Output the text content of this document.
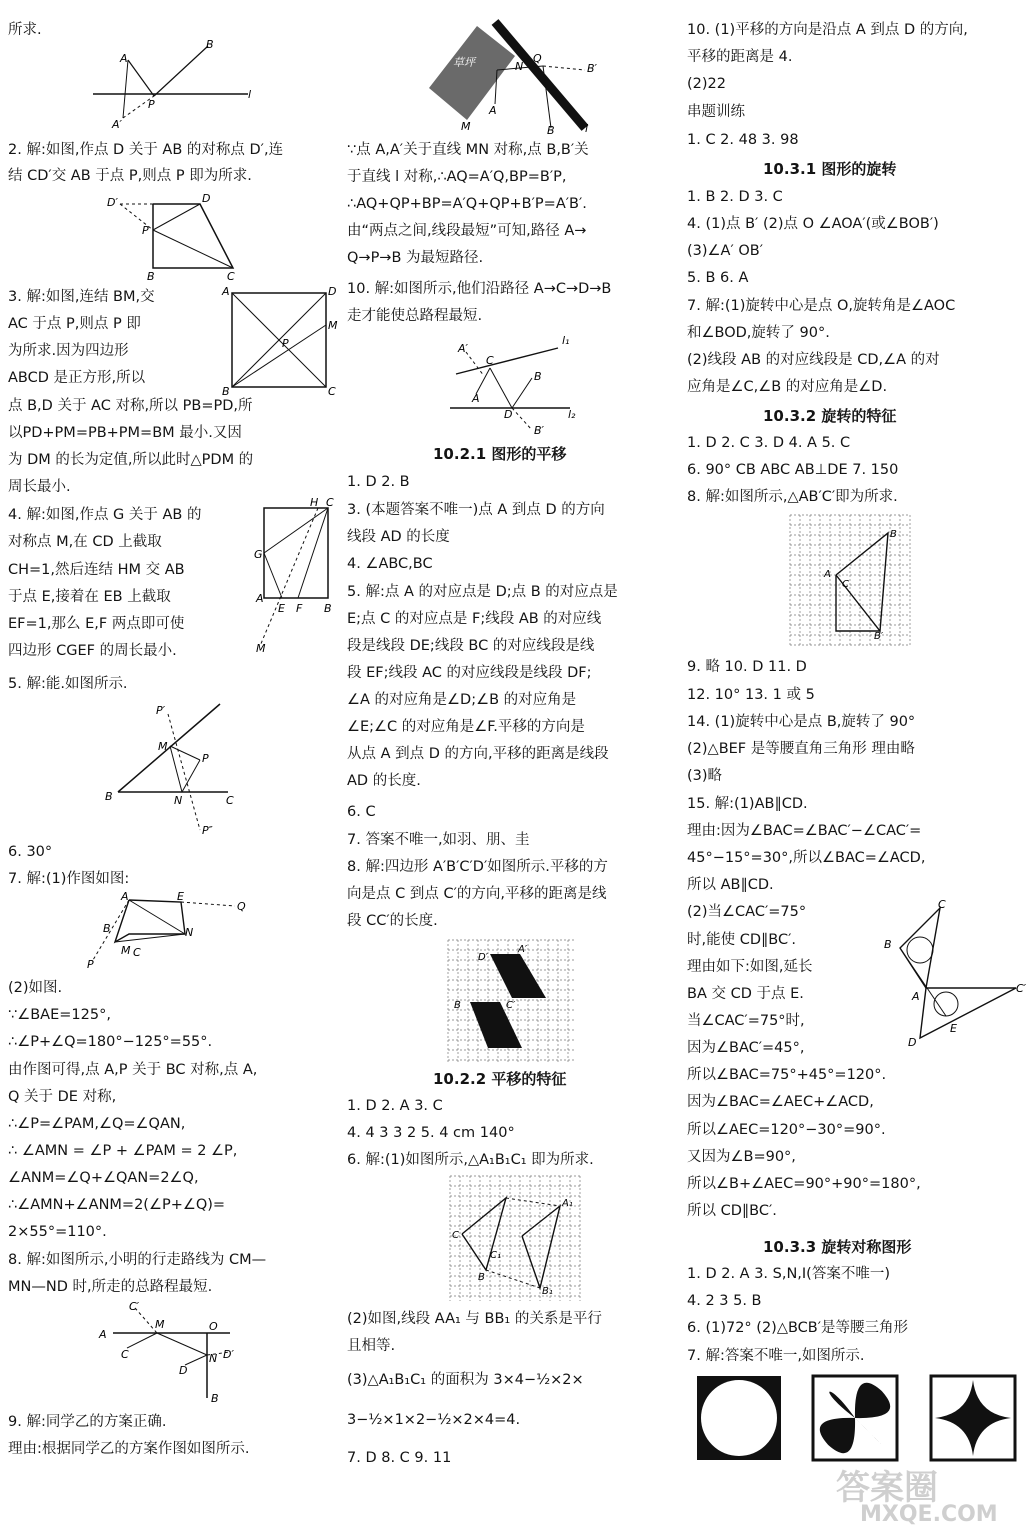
所求.
2. 解:如图,作点 D 关于 AB 的对称点 D′,连
结 CD′交 AB 于点 P,则点 P 即为所求.
3. 解:如图,连结 BM,交
AC 于点 P,则点 P 即
为所求.因为四边形
ABCD 是正方形,所以
点 B,D 关于 AC 对称,所以 PB=PD,所
以PD+PM=PB+PM=BM 最小.又因
为 DM 的长为定值,所以此时△PDM 的
周长最小.
4. 解:如图,作点 G 关于 AB 的
对称点 M,在 CD 上截取
CH=1,然后连结 HM 交 AB
于点 E,接着在 EB 上截取
EF=1,那么 E,F 两点即可使
四边形 CGEF 的周长最小.
5. 解:能.如图所示.
6. 30°
7. 解:(1)作图如图:
(2)如图.
∵∠BAE=125°,
∴∠P+∠Q=180°−125°=55°.
由作图可得,点 A,P 关于 BC 对称,点 A,
Q 关于 DE 对称,
∴∠P=∠PAM,∠Q=∠QAN,
∴ ∠AMN = ∠P + ∠PAM = 2 ∠P,
∠ANM=∠Q+∠QAN=2∠Q,
∴∠AMN+∠ANM=2(∠P+∠Q)=
2×55°=110°.
8. 解:如图所示,小明的行走路线为 CM—
MN—ND 时,所走的总路程最短.
9. 解:同学乙的方案正确.
理由:根据同学乙的方案作图如图所示.
A
B
P
l
A′
D′	D
P
B	C
A	D
M
P
B	C
G
H C
A
E F B
M
P′
M
P
B	N	C
P″
A	E
Q
N
B
M C
P
C′
A
M	O
C	N D′
D
B
∵点 A,A′关于直线 MN 对称,点 B,B′关
于直线 l 对称,∴AQ=A′Q,BP=B′P,
∴AQ+QP+BP=A′Q+QP+B′P=A′B′.
由“两点之间,线段最短”可知,路径 A→
Q→P→B 为最短路径.
10. 解:如图所示,他们沿路径 A→C→D→B
走才能使总路程最短.
1. D 2. B
3. (本题答案不唯一)点 A 到点 D 的方向
线段 AD 的长度
4. ∠ABC,BC
5. 解:点 A 的对应点是 D;点 B 的对应点是
E;点 C 的对应点是 F;线段 AB 的对应线
段是线段 DE;线段 BC 的对应线段是线
段 EF;线段 AC 的对应线段是线段 DF;
∠A 的对应角是∠D;∠B 的对应角是
∠E;∠C 的对应角是∠F.平移的方向是
从点 A 到点 D 的方向,平移的距离是线段
AD 的长度.
6. C
7. 答案不唯一,如羽、朋、圭
8. 解:四边形 A′B′C′D′如图所示.平移的方
向是点 C 到点 C′的方向,平移的距离是线
段 CC′的长度.
1. D 2. A 3. C
4. 4 3 3 2 5. 4 cm 140°
6. 解:(1)如图所示,△A₁B₁C₁ 即为所求.
(2)如图,线段 AA₁ 与 BB₁ 的关系是平行
且相等.
(3)△A₁B₁C₁ 的面积为 3×4−½×2×
3−½×1×2−½×2×4=4.
7. D 8. C 9. 11
10.2.1 图形的平移
10.2.2 平移的特征
草坪
A
N
Q
B′
M	B	l
A′
C
A
l₁
B
D	l₂
B′
D′
A′
C′
B
C
A₁
C₁
B
B₁
10. (1)平移的方向是沿点 A 到点 D 的方向,
平移的距离是 4.
(2)22
串题训练
1. C 2. 48 3. 98
1. B 2. D 3. C
4. (1)点 B′ (2)点 O ∠AOA′(或∠BOB′)
(3)∠A′ OB′
5. B 6. A
7. 解:(1)旋转中心是点 O,旋转角是∠AOC
和∠BOD,旋转了 90°.
(2)线段 AB 的对应线段是 CD,∠A 的对
应角是∠C,∠B 的对应角是∠D.
1. D 2. C 3. D 4. A 5. C
6. 90° CB ABC AB⊥DE 7. 150
8. 解:如图所示,△AB′C′即为所求.
9. 略 10. D 11. D
12. 10° 13. 1 或 5
14. (1)旋转中心是点 B,旋转了 90°
(2)△BEF 是等腰直角三角形 理由略
(3)略
15. 解:(1)AB∥CD.
理由:因为∠BAC=∠BAC′−∠CAC′=
45°−15°=30°,所以∠BAC=∠ACD,
所以 AB∥CD.
(2)当∠CAC′=75°
时,能使 CD∥BC′.
理由如下:如图,延长
BA 交 CD 于点 E.
当∠CAC′=75°时,
因为∠BAC′=45°,
所以∠BAC=75°+45°=120°.
因为∠BAC=∠AEC+∠ACD,
所以∠AEC=120°−30°=90°.
又因为∠B=90°,
所以∠B+∠AEC=90°+90°=180°,
所以 CD∥BC′.
1. D 2. A 3. S,N,I(答案不唯一)
4. 2 3 5. B
6. (1)72° (2)△BCB′是等腰三角形
7. 解:答案不唯一,如图所示.
10.3.1 图形的旋转
10.3.2 旋转的特征
10.3.3 旋转对称图形
A
B
C
B′
B
C
A
C′
E
D
答案圈
MXQE.COM
